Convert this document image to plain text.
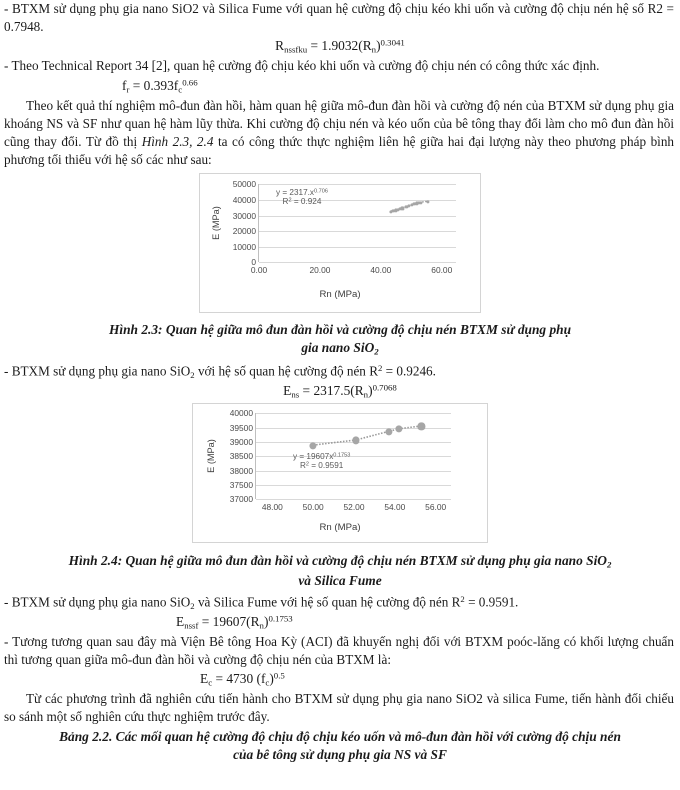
- BTXM sử dụng phụ gia nano SiO2 và Silica Fume với quan hệ cường độ chịu kéo khi uốn và cường độ chịu nén hệ số R2 = 0.7948.

$R_{nssfku} = 1.9032(R_n)^{0.3041}$

- Theo Technical Report 34 [2], quan hệ cường độ chịu kéo khi uốn và cường độ chịu nén có công thức xác định.

$f_r = 0.393f_c^{0.66}$

Theo kết quả thí nghiệm mô-đun đàn hồi, hàm quan hệ giữa mô-đun đàn hồi và cường độ nén của BTXM sử dụng phụ gia khoáng NS và SF như quan hệ hàm lũy thừa. Khi cường độ chịu nén và kéo uốn của bê tông thay đổi làm cho mô đun đàn hồi cũng thay đổi. Từ đồ thị Hình 2.3, 2.4 ta có công thức thực nghiệm liên hệ giữa hai đại lượng này theo phương pháp bình phương tối thiểu với hệ số các như sau:

E (MPa)
0
10000
20000
30000
40000
50000
0.00	20.00	40.00	60.00
Rn (MPa)
$y = 2317.x^{0.706}$
$R^2 = 0.924$
Hình 2.3: Quan hệ giữa mô đun đàn hồi và cường độ chịu nén BTXM sử dụng phụ
gia nano SiO$_2$

- BTXM sử dụng phụ gia nano SiO$_2$ với hệ số quan hệ cường độ nén $R^2 = 0.9246$.

$E_{ns} = 2317.5(R_n)^{0.7068}$
E (MPa)
37000
37500
38000
38500
39000
39500
40000
48.00 50.00 52.00 54.00 56.00
Rn (MPa)
$y = 19607x^{0.1753}$
$R^2 = 0.9591$
Hình 2.4: Quan hệ giữa mô đun đàn hồi và cường độ chịu nén BTXM sử dụng phụ gia nano SiO$_2$
và Silica Fume

- BTXM sử dụng phụ gia nano SiO$_2$ và Silica Fume với hệ số quan hệ cường độ nén $R^2 = 0.9591$.

$E_{nssf} = 19607(R_n)^{0.1753}$

- Tương tương quan sau đây mà Viện Bê tông Hoa Kỳ (ACI) đã khuyến nghị đối với BTXM poóc-lăng có khối lượng chuẩn thì tương quan giữa mô-đun đàn hồi và cường độ chịu nén của BTXM là:

$E_c = 4730$ $(f_c)^{0.5}$

Từ các phương trình đã nghiên cứu tiến hành cho BTXM sử dụng phụ gia nano SiO2 và silica Fume, tiến hành đối chiếu so sánh một số nghiên cứu thực nghiệm trước đây.

Bảng 2.2. Các mối quan hệ cường độ chịu độ chịu kéo uốn và mô-đun đàn hồi với cường độ chịu nén
của bê tông sử dụng phụ gia NS và SF
